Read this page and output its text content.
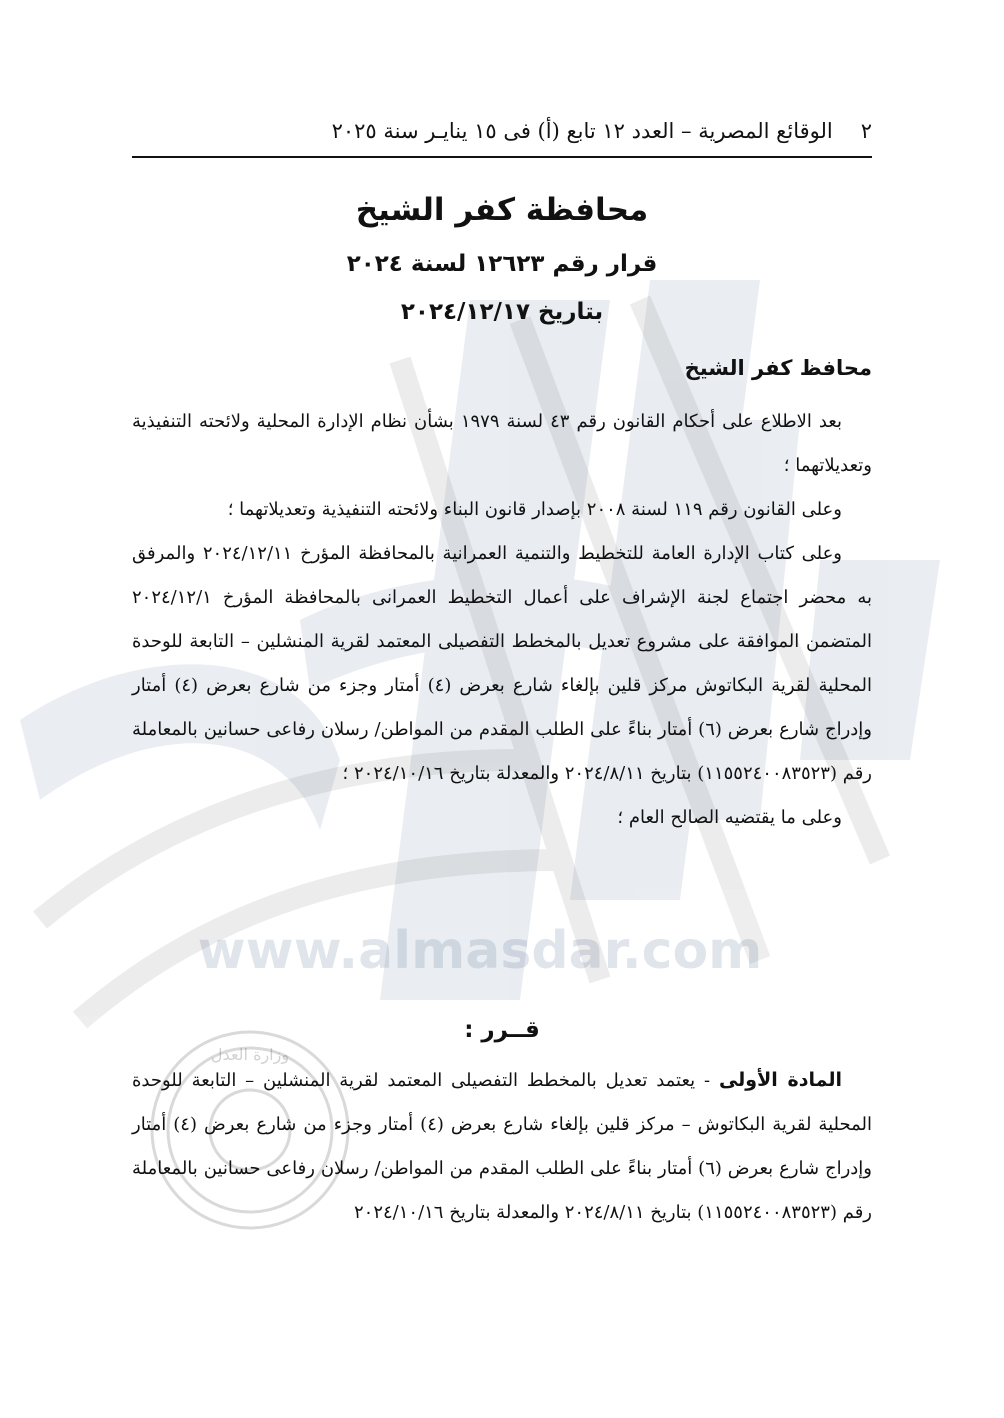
www.almasdar.com
وزارة العدل
٢الوقائع المصرية – العدد ١٢ تابع (أ) فى ١٥ ينايـر سنة ٢٠٢٥
محافظة كفر الشيخ
قرار رقم ١٢٦٢٣ لسنة ٢٠٢٤
بتاريخ ٢٠٢٤/١٢/١٧
محافظ كفر الشيخ

بعد الاطلاع على أحكام القانون رقم ٤٣ لسنة ١٩٧٩ بشأن نظام الإدارة المحلية ولائحته التنفيذية وتعديلاتهما ؛

وعلى القانون رقم ١١٩ لسنة ٢٠٠٨ بإصدار قانون البناء ولائحته التنفيذية وتعديلاتهما ؛

وعلى كتاب الإدارة العامة للتخطيط والتنمية العمرانية بالمحافظة المؤرخ ٢٠٢٤/١٢/١١ والمرفق به محضر اجتماع لجنة الإشراف على أعمال التخطيط العمرانى بالمحافظة المؤرخ ٢٠٢٤/١٢/١ المتضمن الموافقة على مشروع تعديل بالمخطط التفصيلى المعتمد لقرية المنشلين – التابعة للوحدة المحلية لقرية البكاتوش مركز قلين بإلغاء شارع بعرض (٤) أمتار وجزء من شارع بعرض (٤) أمتار وإدراج شارع بعرض (٦) أمتار بناءً على الطلب المقدم من المواطن/ رسلان رفاعى حسانين بالمعاملة رقم (١١٥٥٢٤٠٠٨٣٥٢٣) بتاريخ ٢٠٢٤/٨/١١ والمعدلة بتاريخ ٢٠٢٤/١٠/١٦ ؛

وعلى ما يقتضيه الصالح العام ؛

قــرر :

المادة الأولى - يعتمد تعديل بالمخطط التفصيلى المعتمد لقرية المنشلين – التابعة للوحدة المحلية لقرية البكاتوش – مركز قلين بإلغاء شارع بعرض (٤) أمتار وجزء من شارع بعرض (٤) أمتار وإدراج شارع بعرض (٦) أمتار بناءً على الطلب المقدم من المواطن/ رسلان رفاعى حسانين بالمعاملة رقم (١١٥٥٢٤٠٠٨٣٥٢٣) بتاريخ ٢٠٢٤/٨/١١ والمعدلة بتاريخ ٢٠٢٤/١٠/١٦
